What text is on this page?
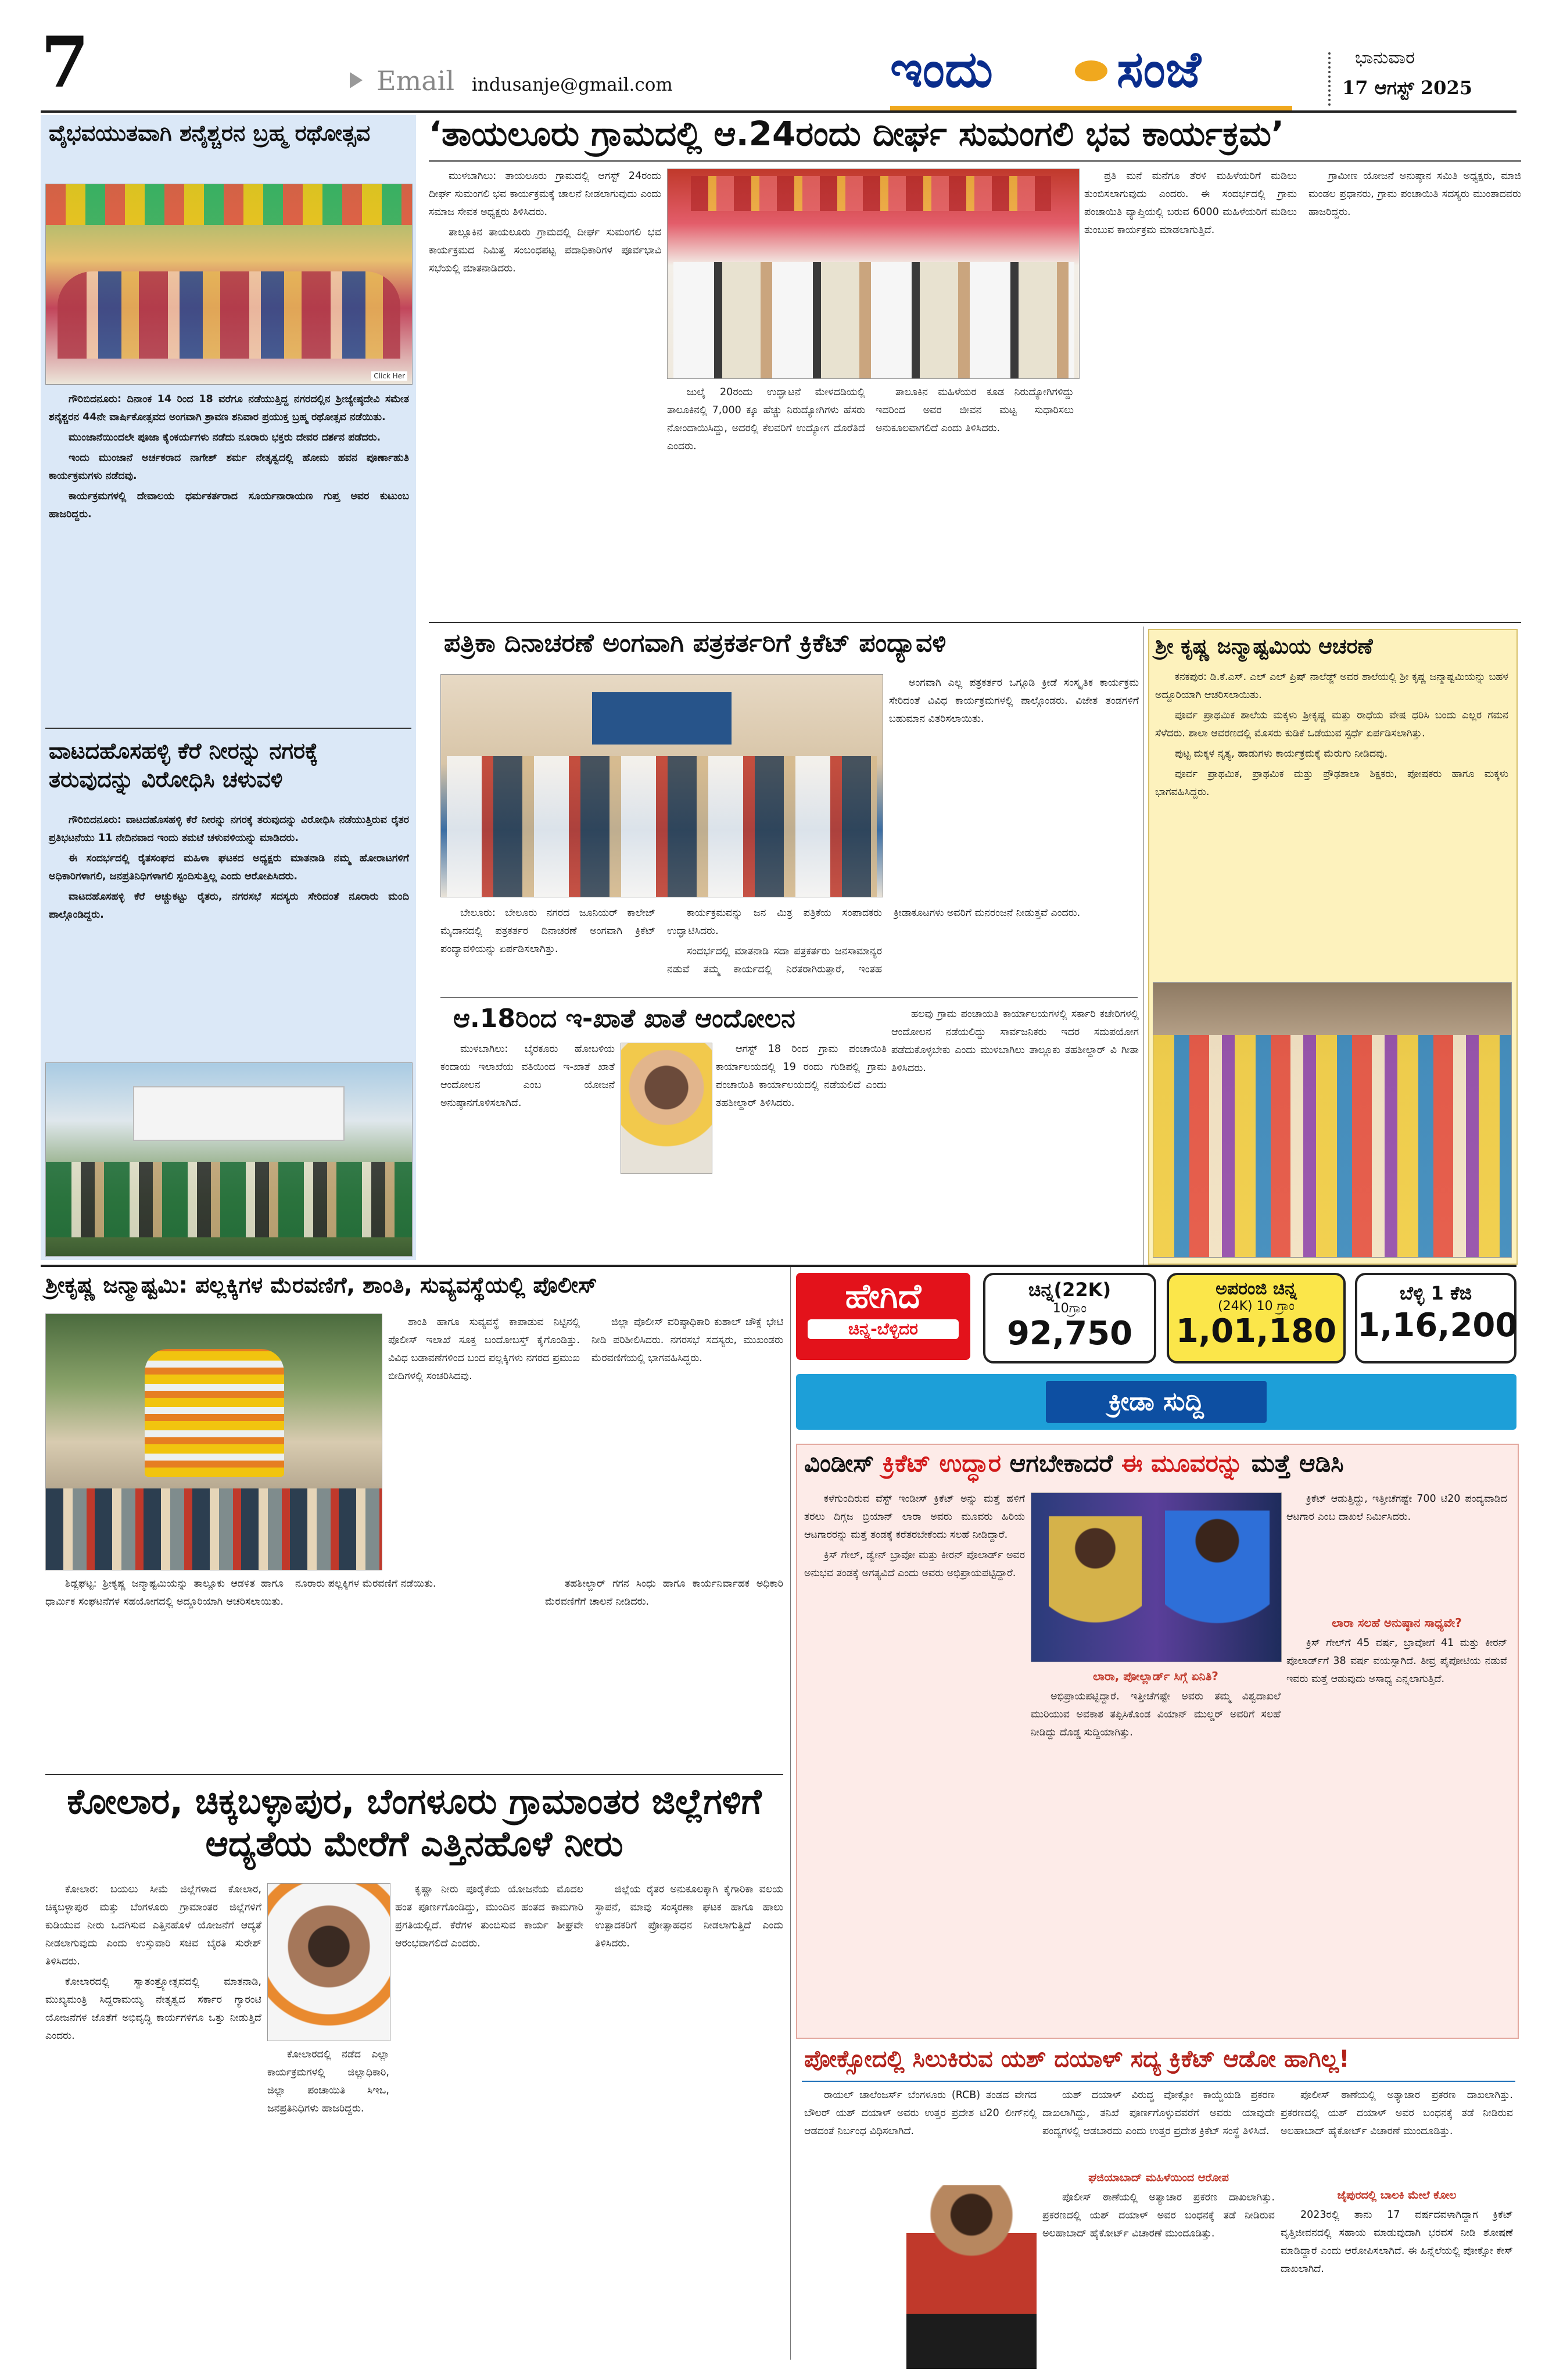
7	Email indusanje@gmail.com	ಇಂದು ಸಂಜೆ	ಭಾನುವಾರ
17 ಆಗಸ್ಟ್ 2025
ವೈಭವಯುತವಾಗಿ ಶನೈಶ್ಚರನ ಬ್ರಹ್ಮ ರಥೋತ್ಸವ
Click Her

ಗೌರಿಬಿದನೂರು: ದಿನಾಂಕ 14 ರಿಂದ 18 ವರೆಗೂ ನಡೆಯುತ್ತಿದ್ದ ನಗರದಲ್ಲಿನ ಶ್ರೀಜ್ಯೇಷ್ಠದೇವಿ ಸಮೇತ ಶನೈಶ್ಚರನ 44ನೇ ವಾರ್ಷಿಕೋತ್ಸವದ ಅಂಗವಾಗಿ ಶ್ರಾವಣ ಶನಿವಾರ ಪ್ರಯುಕ್ತ ಬ್ರಹ್ಮ ರಥೋತ್ಸವ ನಡೆಯಿತು.

ಮುಂಜಾನೆಯಿಂದಲೇ ಪೂಜಾ ಕೈಂಕರ್ಯಗಳು ನಡೆದು ನೂರಾರು ಭಕ್ತರು ದೇವರ ದರ್ಶನ ಪಡೆದರು.

ಇಂದು ಮುಂಜಾನೆ ಅರ್ಚಕರಾದ ನಾಗೇಶ್ ಶರ್ಮ ನೇತೃತ್ವದಲ್ಲಿ ಹೋಮ ಹವನ ಪೂರ್ಣಾಹುತಿ ಕಾರ್ಯಕ್ರಮಗಳು ನಡೆದವು.

ಕಾರ್ಯಕ್ರಮಗಳಲ್ಲಿ ದೇವಾಲಯ ಧರ್ಮಕರ್ತರಾದ ಸೂರ್ಯನಾರಾಯಣ ಗುಪ್ತ ಅವರ ಕುಟುಂಬ ಹಾಜರಿದ್ದರು.

ವಾಟದಹೊಸಹಳ್ಳಿ ಕೆರೆ ನೀರನ್ನು ನಗರಕ್ಕೆ ತರುವುದನ್ನು ವಿರೋಧಿಸಿ ಚಳುವಳಿ

ಗೌರಿಬಿದನೂರು: ವಾಟದಹೊಸಹಳ್ಳಿ ಕೆರೆ ನೀರನ್ನು ನಗರಕ್ಕೆ ತರುವುದನ್ನು ವಿರೋಧಿಸಿ ನಡೆಯುತ್ತಿರುವ ರೈತರ ಪ್ರತಿಭಟನೆಯು 11 ನೇದಿನವಾದ ಇಂದು ತಮಟೆ ಚಳುವಳಿಯನ್ನು ಮಾಡಿದರು.

ಈ ಸಂದರ್ಭದಲ್ಲಿ ರೈತಸಂಘದ ಮಹಿಳಾ ಘಟಕದ ಅಧ್ಯಕ್ಷರು ಮಾತನಾಡಿ ನಮ್ಮ ಹೋರಾಟಗಳಿಗೆ ಅಧಿಕಾರಿಗಳಾಗಲಿ, ಜನಪ್ರತಿನಿಧಿಗಳಾಗಲಿ ಸ್ಪಂದಿಸುತ್ತಿಲ್ಲ ಎಂದು ಆರೋಪಿಸಿದರು.

ವಾಟದಹೊಸಹಳ್ಳಿ ಕೆರೆ ಅಚ್ಚುಕಟ್ಟು ರೈತರು, ನಗರಸಭೆ ಸದಸ್ಯರು ಸೇರಿದಂತೆ ನೂರಾರು ಮಂದಿ ಪಾಲ್ಗೊಂಡಿದ್ದರು.

‘ತಾಯಲೂರು ಗ್ರಾಮದಲ್ಲಿ ಆ.24ರಂದು ದೀರ್ಘ ಸುಮಂಗಲಿ ಭವ ಕಾರ್ಯಕ್ರಮ’

ಮುಳಬಾಗಿಲು: ತಾಯಲೂರು ಗ್ರಾಮದಲ್ಲಿ ಆಗಸ್ಟ್ 24ರಂದು ದೀರ್ಘ ಸುಮಂಗಲಿ ಭವ ಕಾರ್ಯಕ್ರಮಕ್ಕೆ ಚಾಲನೆ ನೀಡಲಾಗುವುದು ಎಂದು ಸಮಾಜ ಸೇವಕ ಅಧ್ಯಕ್ಷರು ತಿಳಿಸಿದರು.

ತಾಲ್ಲೂಕಿನ ತಾಯಲೂರು ಗ್ರಾಮದಲ್ಲಿ ದೀರ್ಘ ಸುಮಂಗಲಿ ಭವ ಕಾರ್ಯಕ್ರಮದ ನಿಮಿತ್ತ ಸಂಬಂಧಪಟ್ಟ ಪದಾಧಿಕಾರಿಗಳ ಪೂರ್ವಭಾವಿ ಸಭೆಯಲ್ಲಿ ಮಾತನಾಡಿದರು.

ಜುಲೈ 20ರಂದು ಉದ್ಘಾಟನೆ ಮೇಳದಡಿಯಲ್ಲಿ ತಾಲೂಕಿನಲ್ಲಿ 7,000 ಕ್ಕೂ ಹೆಚ್ಚು ನಿರುದ್ಯೋಗಿಗಳು ಹೆಸರು ನೋಂದಾಯಿಸಿದ್ದು, ಅದರಲ್ಲಿ ಕೆಲವರಿಗೆ ಉದ್ಯೋಗ ದೊರೆತಿದೆ ಎಂದರು.

ತಾಲೂಕಿನ ಮಹಿಳೆಯರ ಕೂಡ ನಿರುದ್ಯೋಗಿಗಳಿದ್ದು ಇದರಿಂದ ಅವರ ಜೀವನ ಮಟ್ಟ ಸುಧಾರಿಸಲು ಅನುಕೂಲವಾಗಲಿದೆ ಎಂದು ತಿಳಿಸಿದರು.

ಪ್ರತಿ ಮನೆ ಮನೆಗೂ ತೆರಳಿ ಮಹಿಳೆಯರಿಗೆ ಮಡಿಲು ತುಂಬಿಸಲಾಗುವುದು ಎಂದರು. ಈ ಸಂದರ್ಭದಲ್ಲಿ ಗ್ರಾಮ ಪಂಚಾಯಿತಿ ವ್ಯಾಪ್ತಿಯಲ್ಲಿ ಬರುವ 6000 ಮಹಿಳೆಯರಿಗೆ ಮಡಿಲು ತುಂಬುವ ಕಾರ್ಯಕ್ರಮ ಮಾಡಲಾಗುತ್ತಿದೆ.

ಗ್ರಾಮೀಣ ಯೋಜನೆ ಅನುಷ್ಠಾನ ಸಮಿತಿ ಅಧ್ಯಕ್ಷರು, ಮಾಜಿ ಮಂಡಲ ಪ್ರಧಾನರು, ಗ್ರಾಮ ಪಂಚಾಯಿತಿ ಸದಸ್ಯರು ಮುಂತಾದವರು ಹಾಜರಿದ್ದರು.

ಪತ್ರಿಕಾ ದಿನಾಚರಣೆ ಅಂಗವಾಗಿ ಪತ್ರಕರ್ತರಿಗೆ ಕ್ರಿಕೆಟ್ ಪಂದ್ಯಾವಳಿ

ಅಂಗವಾಗಿ ಎಲ್ಲ ಪತ್ರಕರ್ತರ ಒಗ್ಗೂಡಿ ಕ್ರೀಡೆ ಸಂಸ್ಕೃತಿಕ ಕಾರ್ಯಕ್ರಮ ಸೇರಿದಂತೆ ವಿವಿಧ ಕಾರ್ಯಕ್ರಮಗಳಲ್ಲಿ ಪಾಲ್ಗೊಂಡರು. ವಿಜೇತ ತಂಡಗಳಿಗೆ ಬಹುಮಾನ ವಿತರಿಸಲಾಯಿತು.

ಬೇಲೂರು: ಬೇಲೂರು ನಗರದ ಜೂನಿಯರ್ ಕಾಲೇಜ್ ಮೈದಾನದಲ್ಲಿ ಪತ್ರಕರ್ತರ ದಿನಾಚರಣೆ ಅಂಗವಾಗಿ ಕ್ರಿಕೆಟ್ ಪಂದ್ಯಾವಳಿಯನ್ನು ಏರ್ಪಡಿಸಲಾಗಿತ್ತು.

ಕಾರ್ಯಕ್ರಮವನ್ನು ಜನ ಮಿತ್ರ ಪತ್ರಿಕೆಯ ಸಂಪಾದಕರು ಉದ್ಘಾಟಿಸಿದರು.

ಸಂದರ್ಭದಲ್ಲಿ ಮಾತನಾಡಿ ಸದಾ ಪತ್ರಕರ್ತರು ಜನಸಾಮಾನ್ಯರ ನಡುವೆ ತಮ್ಮ ಕಾರ್ಯದಲ್ಲಿ ನಿರತರಾಗಿರುತ್ತಾರೆ, ಇಂತಹ ಕ್ರೀಡಾಕೂಟಗಳು ಅವರಿಗೆ ಮನರಂಜನೆ ನೀಡುತ್ತವೆ ಎಂದರು.

ಆ.18ರಿಂದ ಇ-ಖಾತೆ ಖಾತೆ ಆಂದೋಲನ

ಮುಳಬಾಗಿಲು: ಬೈರಕೂರು ಹೋಬಳಿಯ ಕಂದಾಯ ಇಲಾಖೆಯ ವತಿಯಿಂದ ಇ-ಖಾತೆ ಖಾತೆ ಆಂದೋಲನ ಎಂಬ ಯೋಜನೆ ಅನುಷ್ಠಾನಗೊಳಿಸಲಾಗಿದೆ.

ಆಗಸ್ಟ್ 18 ರಿಂದ ಗ್ರಾಮ ಪಂಚಾಯಿತಿ ಕಾರ್ಯಾಲಯದಲ್ಲಿ 19 ರಂದು ಗುಡಿಪಲ್ಲಿ ಗ್ರಾಮ ಪಂಚಾಯಿತಿ ಕಾರ್ಯಾಲಯದಲ್ಲಿ ನಡೆಯಲಿದೆ ಎಂದು ತಹಶೀಲ್ದಾರ್ ತಿಳಿಸಿದರು.

ಹಲವು ಗ್ರಾಮ ಪಂಚಾಯತಿ ಕಾರ್ಯಾಲಯಗಳಲ್ಲಿ ಸರ್ಕಾರಿ ಕಚೇರಿಗಳಲ್ಲಿ ಆಂದೋಲನ ನಡೆಯಲಿದ್ದು ಸಾರ್ವಜನಿಕರು ಇದರ ಸದುಪಯೋಗ ಪಡೆದುಕೊಳ್ಳಬೇಕು ಎಂದು ಮುಳಬಾಗಿಲು ತಾಲ್ಲೂಕು ತಹಶೀಲ್ದಾರ್ ವಿ ಗೀತಾ ತಿಳಿಸಿದರು.

ಶ್ರೀ ಕೃಷ್ಣ ಜನ್ಮಾಷ್ಟಮಿಯ ಆಚರಣೆ

ಕನಕಪುರ: ಡಿ.ಕೆ.ಎಸ್. ಎಲ್ ಎಲ್ ಪ್ರಿಷ್ ನಾಲೆಡ್ಜ್ ಅವರ ಶಾಲೆಯಲ್ಲಿ ಶ್ರೀ ಕೃಷ್ಣ ಜನ್ಮಾಷ್ಟಮಿಯನ್ನು ಬಹಳ ಅದ್ದೂರಿಯಾಗಿ ಆಚರಿಸಲಾಯಿತು.

ಪೂರ್ವ ಪ್ರಾಥಮಿಕ ಶಾಲೆಯ ಮಕ್ಕಳು ಶ್ರೀಕೃಷ್ಣ ಮತ್ತು ರಾಧೆಯ ವೇಷ ಧರಿಸಿ ಬಂದು ಎಲ್ಲರ ಗಮನ ಸೆಳೆದರು. ಶಾಲಾ ಆವರಣದಲ್ಲಿ ಮೊಸರು ಕುಡಿಕೆ ಒಡೆಯುವ ಸ್ಪರ್ಧೆ ಏರ್ಪಡಿಸಲಾಗಿತ್ತು.

ಪುಟ್ಟ ಮಕ್ಕಳ ನೃತ್ಯ, ಹಾಡುಗಳು ಕಾರ್ಯಕ್ರಮಕ್ಕೆ ಮೆರುಗು ನೀಡಿದವು.

ಪೂರ್ವ ಪ್ರಾಥಮಿಕ, ಪ್ರಾಥಮಿಕ ಮತ್ತು ಪ್ರೌಢಶಾಲಾ ಶಿಕ್ಷಕರು, ಪೋಷಕರು ಹಾಗೂ ಮಕ್ಕಳು ಭಾಗವಹಿಸಿದ್ದರು.

ಶ್ರೀಕೃಷ್ಣ ಜನ್ಮಾಷ್ಟಮಿ: ಪಲ್ಲಕ್ಕಿಗಳ ಮೆರವಣಿಗೆ, ಶಾಂತಿ, ಸುವ್ಯವಸ್ಥೆಯಲ್ಲಿ ಪೊಲೀಸ್

ಶಾಂತಿ ಹಾಗೂ ಸುವ್ಯವಸ್ಥೆ ಕಾಪಾಡುವ ನಿಟ್ಟಿನಲ್ಲಿ ಪೊಲೀಸ್ ಇಲಾಖೆ ಸೂಕ್ತ ಬಂದೋಬಸ್ತ್ ಕೈಗೊಂಡಿತ್ತು. ವಿವಿಧ ಬಡಾವಣೆಗಳಿಂದ ಬಂದ ಪಲ್ಲಕ್ಕಿಗಳು ನಗರದ ಪ್ರಮುಖ ಬೀದಿಗಳಲ್ಲಿ ಸಂಚರಿಸಿದವು.

ಜಿಲ್ಲಾ ಪೊಲೀಸ್ ವರಿಷ್ಠಾಧಿಕಾರಿ ಕುಶಾಲ್ ಚೌಕ್ಸೆ ಭೇಟಿ ನೀಡಿ ಪರಿಶೀಲಿಸಿದರು. ನಗರಸಭೆ ಸದಸ್ಯರು, ಮುಖಂಡರು ಮೆರವಣಿಗೆಯಲ್ಲಿ ಭಾಗವಹಿಸಿದ್ದರು.

ಶಿಡ್ಲಘಟ್ಟ: ಶ್ರೀಕೃಷ್ಣ ಜನ್ಮಾಷ್ಟಮಿಯನ್ನು ತಾಲ್ಲೂಕು ಆಡಳಿತ ಹಾಗೂ ಧಾರ್ಮಿಕ ಸಂಘಟನೆಗಳ ಸಹಯೋಗದಲ್ಲಿ ಅದ್ದೂರಿಯಾಗಿ ಆಚರಿಸಲಾಯಿತು. ನೂರಾರು ಪಲ್ಲಕ್ಕಿಗಳ ಮೆರವಣಿಗೆ ನಡೆಯಿತು.	ತಹಶೀಲ್ದಾರ್ ಗಗನ ಸಿಂಧು ಹಾಗೂ ಕಾರ್ಯನಿರ್ವಾಹಕ ಅಧಿಕಾರಿ ಮೆರವಣಿಗೆಗೆ ಚಾಲನೆ ನೀಡಿದರು.

ಕೋಲಾರ, ಚಿಕ್ಕಬಳ್ಳಾಪುರ, ಬೆಂಗಳೂರು ಗ್ರಾಮಾಂತರ ಜಿಲ್ಲೆಗಳಿಗೆ ಆದ್ಯತೆಯ ಮೇರೆಗೆ ಎತ್ತಿನಹೊಳೆ ನೀರು

ಕೋಲಾರ: ಬಯಲು ಸೀಮೆ ಜಿಲ್ಲೆಗಳಾದ ಕೋಲಾರ, ಚಿಕ್ಕಬಳ್ಳಾಪುರ ಮತ್ತು ಬೆಂಗಳೂರು ಗ್ರಾಮಾಂತರ ಜಿಲ್ಲೆಗಳಿಗೆ ಕುಡಿಯುವ ನೀರು ಒದಗಿಸುವ ಎತ್ತಿನಹೊಳೆ ಯೋಜನೆಗೆ ಆದ್ಯತೆ ನೀಡಲಾಗುವುದು ಎಂದು ಉಸ್ತುವಾರಿ ಸಚಿವ ಬೈರತಿ ಸುರೇಶ್ ತಿಳಿಸಿದರು.

ಕೋಲಾರದಲ್ಲಿ ಸ್ವಾತಂತ್ರ್ಯೋತ್ಸವದಲ್ಲಿ ಮಾತನಾಡಿ, ಮುಖ್ಯಮಂತ್ರಿ ಸಿದ್ದರಾಮಯ್ಯ ನೇತೃತ್ವದ ಸರ್ಕಾರ ಗ್ಯಾರಂಟಿ ಯೋಜನೆಗಳ ಜೊತೆಗೆ ಅಭಿವೃದ್ಧಿ ಕಾರ್ಯಗಳಿಗೂ ಒತ್ತು ನೀಡುತ್ತಿದೆ ಎಂದರು.

ಕೋಲಾರದಲ್ಲಿ ನಡೆದ ಎಲ್ಲಾ ಕಾರ್ಯಕ್ರಮಗಳಲ್ಲಿ ಜಿಲ್ಲಾಧಿಕಾರಿ, ಜಿಲ್ಲಾ ಪಂಚಾಯಿತಿ ಸಿಇಒ, ಜನಪ್ರತಿನಿಧಿಗಳು ಹಾಜರಿದ್ದರು.

ಕೃಷ್ಣಾ ನೀರು ಪೂರೈಕೆಯ ಯೋಜನೆಯ ಮೊದಲ ಹಂತ ಪೂರ್ಣಗೊಂಡಿದ್ದು, ಮುಂದಿನ ಹಂತದ ಕಾಮಗಾರಿ ಪ್ರಗತಿಯಲ್ಲಿದೆ. ಕೆರೆಗಳ ತುಂಬಿಸುವ ಕಾರ್ಯ ಶೀಘ್ರವೇ ಆರಂಭವಾಗಲಿದೆ ಎಂದರು.

ಜಿಲ್ಲೆಯ ರೈತರ ಅನುಕೂಲಕ್ಕಾಗಿ ಕೈಗಾರಿಕಾ ವಲಯ ಸ್ಥಾಪನೆ, ಮಾವು ಸಂಸ್ಕರಣಾ ಘಟಕ ಹಾಗೂ ಹಾಲು ಉತ್ಪಾದಕರಿಗೆ ಪ್ರೋತ್ಸಾಹಧನ ನೀಡಲಾಗುತ್ತಿದೆ ಎಂದು ತಿಳಿಸಿದರು.

ಹೇಗಿದೆ
ಚಿನ್ನ-ಬೆಳ್ಳಿದರ
ಚಿನ್ನ(22K)
10ಗ್ರಾಂ
92,750
ಅಪರಂಜಿ ಚಿನ್ನ
(24K) 10 ಗ್ರಾಂ
1,01,180
ಬೆಳ್ಳಿ 1 ಕೆಜಿ
1,16,200
ಕ್ರೀಡಾ ಸುದ್ದಿ
ವಿಂಡೀಸ್ ಕ್ರಿಕೆಟ್ ಉದ್ಧಾರ ಆಗಬೇಕಾದರೆ ಈ ಮೂವರನ್ನು ಮತ್ತೆ ಆಡಿಸಿ

ಕಳೆಗುಂದಿರುವ ವೆಸ್ಟ್ ಇಂಡೀಸ್ ಕ್ರಿಕೆಟ್ ಅನ್ನು ಮತ್ತೆ ಹಳಿಗೆ ತರಲು ದಿಗ್ಗಜ ಬ್ರಿಯಾನ್ ಲಾರಾ ಅವರು ಮೂವರು ಹಿರಿಯ ಆಟಗಾರರನ್ನು ಮತ್ತೆ ತಂಡಕ್ಕೆ ಕರೆತರಬೇಕೆಂದು ಸಲಹೆ ನೀಡಿದ್ದಾರೆ.

ಕ್ರಿಸ್ ಗೇಲ್, ಡ್ವೇನ್ ಬ್ರಾವೋ ಮತ್ತು ಕೀರನ್ ಪೊಲಾರ್ಡ್ ಅವರ ಅನುಭವ ತಂಡಕ್ಕೆ ಅಗತ್ಯವಿದೆ ಎಂದು ಅವರು ಅಭಿಪ್ರಾಯಪಟ್ಟಿದ್ದಾರೆ.

ಲಾರಾ, ಪೋಲ್ಲಾರ್ಡ್ ಸಿಗ್ಗೆ ಏನಿತಿ?

ಅಭಿಪ್ರಾಯಪಟ್ಟಿದ್ದಾರೆ. ಇತ್ತೀಚೆಗಷ್ಟೇ ಅವರು ತಮ್ಮ ವಿಶ್ವದಾಖಲೆ ಮುರಿಯುವ ಅವಕಾಶ ತಪ್ಪಿಸಿಕೊಂಡ ವಿಯಾನ್ ಮುಲ್ಡರ್ ಅವರಿಗೆ ಸಲಹೆ ನೀಡಿದ್ದು ದೊಡ್ಡ ಸುದ್ದಿಯಾಗಿತ್ತು.

ಲಾರಾ ಸಲಹೆ ಅನುಷ್ಠಾನ ಸಾಧ್ಯವೇ?

ಕ್ರಿಕೆಟ್ ಆಡುತ್ತಿದ್ದು, ಇತ್ತೀಚೆಗಷ್ಟೇ 700 ಟಿ20 ಪಂದ್ಯವಾಡಿದ ಆಟಗಾರ ಎಂಬ ದಾಖಲೆ ನಿರ್ಮಿಸಿದರು.

ಕ್ರಿಸ್ ಗೇಲ್‌ಗೆ 45 ವರ್ಷ, ಬ್ರಾವೋಗೆ 41 ಮತ್ತು ಕೀರನ್ ಪೊಲಾರ್ಡ್‌ಗೆ 38 ವರ್ಷ ವಯಸ್ಸಾಗಿದೆ. ತೀವ್ರ ಪೈಪೋಟಿಯ ನಡುವೆ ಇವರು ಮತ್ತೆ ಆಡುವುದು ಅಸಾಧ್ಯ ಎನ್ನಲಾಗುತ್ತಿದೆ.

ಪೋಕ್ಸೋದಲ್ಲಿ ಸಿಲುಕಿರುವ ಯಶ್ ದಯಾಳ್ ಸದ್ಯ ಕ್ರಿಕೆಟ್ ಆಡೋ ಹಾಗಿಲ್ಲ!

ರಾಯಲ್ ಚಾಲೆಂಜರ್ಸ್ ಬೆಂಗಳೂರು (RCB) ತಂಡದ ವೇಗದ ಬೌಲರ್ ಯಶ್ ದಯಾಳ್ ಅವರು ಉತ್ತರ ಪ್ರದೇಶ ಟಿ20 ಲೀಗ್‌ನಲ್ಲಿ ಆಡದಂತೆ ನಿರ್ಬಂಧ ವಿಧಿಸಲಾಗಿದೆ.

ಘಜಿಯಾಬಾದ್ ಮಹಿಳೆಯಿಂದ ಆರೋಪ

ಯಶ್ ದಯಾಳ್ ವಿರುದ್ಧ ಪೋಕ್ಸೋ ಕಾಯ್ದೆಯಡಿ ಪ್ರಕರಣ ದಾಖಲಾಗಿದ್ದು, ತನಿಖೆ ಪೂರ್ಣಗೊಳ್ಳುವವರೆಗೆ ಅವರು ಯಾವುದೇ ಪಂದ್ಯಗಳಲ್ಲಿ ಆಡಬಾರದು ಎಂದು ಉತ್ತರ ಪ್ರದೇಶ ಕ್ರಿಕೆಟ್ ಸಂಸ್ಥೆ ತಿಳಿಸಿದೆ.

ಪೊಲೀಸ್ ಠಾಣೆಯಲ್ಲಿ ಅತ್ಯಾಚಾರ ಪ್ರಕರಣ ದಾಖಲಾಗಿತ್ತು. ಪ್ರಕರಣದಲ್ಲಿ ಯಶ್ ದಯಾಳ್ ಅವರ ಬಂಧನಕ್ಕೆ ತಡೆ ನೀಡಿರುವ ಅಲಹಾಬಾದ್ ಹೈಕೋರ್ಟ್ ವಿಚಾರಣೆ ಮುಂದೂಡಿತ್ತು.

ಪೊಲೀಸ್ ಠಾಣೆಯಲ್ಲಿ ಅತ್ಯಾಚಾರ ಪ್ರಕರಣ ದಾಖಲಾಗಿತ್ತು. ಪ್ರಕರಣದಲ್ಲಿ ಯಶ್ ದಯಾಳ್ ಅವರ ಬಂಧನಕ್ಕೆ ತಡೆ ನೀಡಿರುವ ಅಲಹಾಬಾದ್ ಹೈಕೋರ್ಟ್ ವಿಚಾರಣೆ ಮುಂದೂಡಿತ್ತು.

ಜೈಪುರದಲ್ಲಿ ಬಾಲಕಿ ಮೇಲೆ ಕೋಲ

2023ರಲ್ಲಿ ತಾನು 17 ವರ್ಷದವಳಾಗಿದ್ದಾಗ ಕ್ರಿಕೆಟ್ ವೃತ್ತಿಜೀವನದಲ್ಲಿ ಸಹಾಯ ಮಾಡುವುದಾಗಿ ಭರವಸೆ ನೀಡಿ ಶೋಷಣೆ ಮಾಡಿದ್ದಾರೆ ಎಂದು ಆರೋಪಿಸಲಾಗಿದೆ. ಈ ಹಿನ್ನೆಲೆಯಲ್ಲಿ ಪೋಕ್ಸೋ ಕೇಸ್ ದಾಖಲಾಗಿದೆ.
